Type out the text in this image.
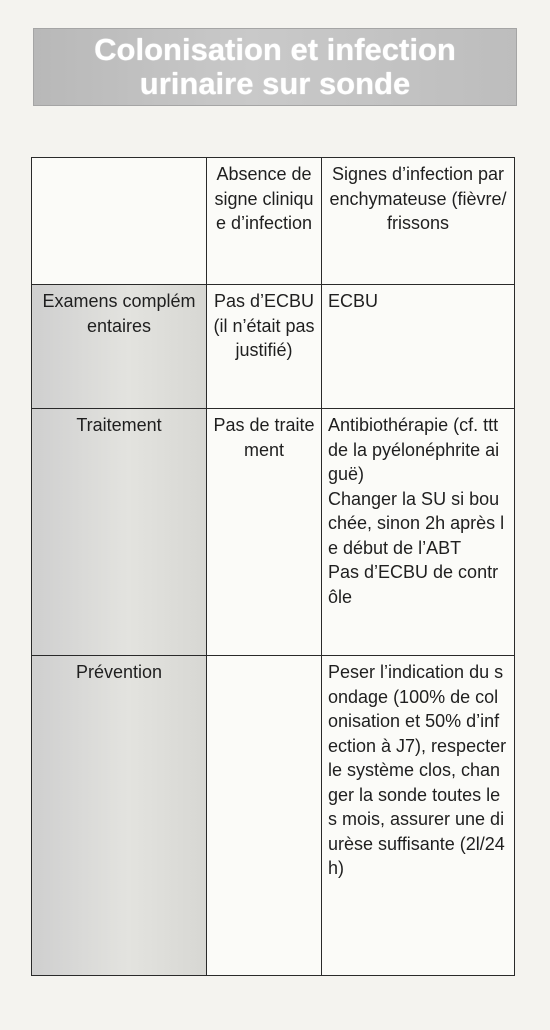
Colonisation et infection
urinaire sur sonde
	Absence de signe clinique d’infection	Signes d’infection parenchymateuse (fièvre/frissons
Examens complémentaires	Pas d’ECBU (il n’était pas justifié)	ECBU
Traitement	Pas de traitement	Antibiothérapie (cf. ttt de la pyélonéphrite aiguë)
Changer la SU si bouchée, sinon 2h après le début de l’ABT
Pas d’ECBU de contrôle
Prévention		Peser l’indication du sondage (100% de colonisation et 50% d’infection à J7), respecter le système clos, changer la sonde toutes les mois, assurer une diurèse suffisante (2l/24h)
